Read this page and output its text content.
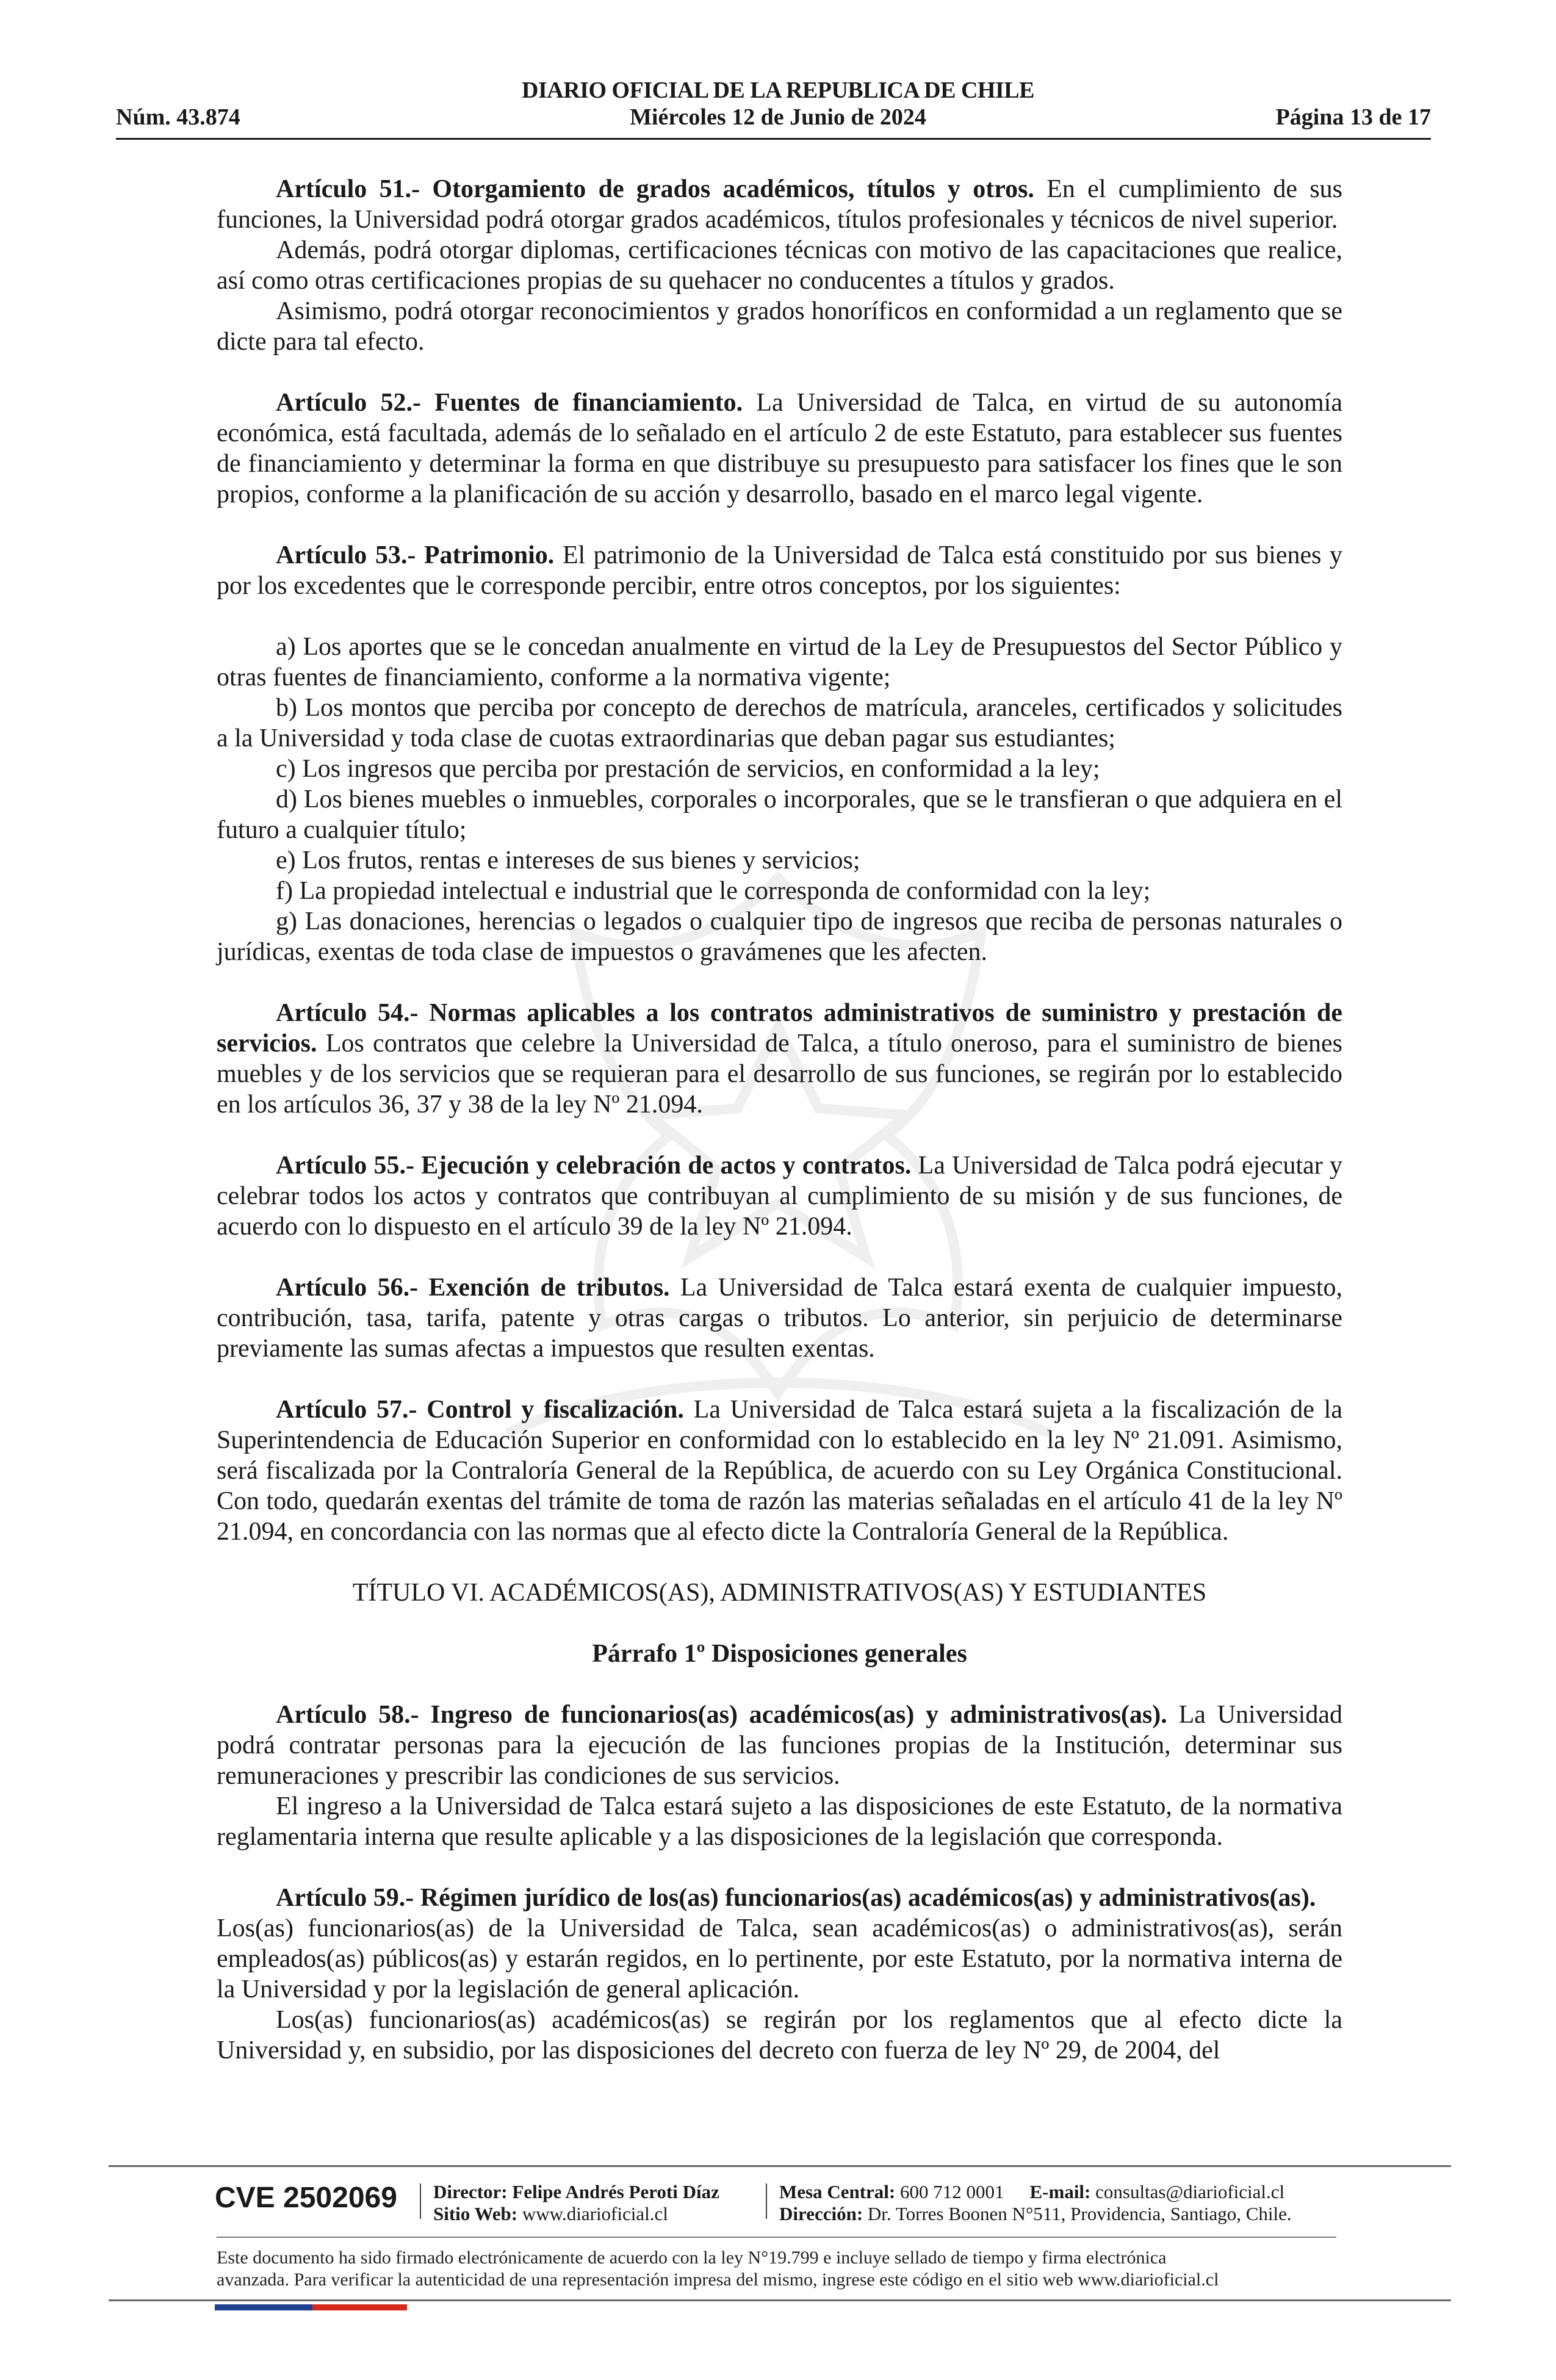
DIARIO OFICIAL DE LA REPUBLICA DE CHILE
Núm. 43.874	Miércoles 12 de Junio de 2024	Página 13 de 17

Artículo 51.- Otorgamiento de grados académicos, títulos y otros. En el cumplimiento de sus funciones, la Universidad podrá otorgar grados académicos, títulos profesionales y técnicos de nivel superior.

Además, podrá otorgar diplomas, certificaciones técnicas con motivo de las capacitaciones que realice, así como otras certificaciones propias de su quehacer no conducentes a títulos y grados.

Asimismo, podrá otorgar reconocimientos y grados honoríficos en conformidad a un reglamento que se dicte para tal efecto.

Artículo 52.- Fuentes de financiamiento. La Universidad de Talca, en virtud de su autonomía económica, está facultada, además de lo señalado en el artículo 2 de este Estatuto, para establecer sus fuentes de financiamiento y determinar la forma en que distribuye su presupuesto para satisfacer los fines que le son propios, conforme a la planificación de su acción y desarrollo, basado en el marco legal vigente.

Artículo 53.- Patrimonio. El patrimonio de la Universidad de Talca está constituido por sus bienes y por los excedentes que le corresponde percibir, entre otros conceptos, por los siguientes:

a) Los aportes que se le concedan anualmente en virtud de la Ley de Presupuestos del Sector Público y otras fuentes de financiamiento, conforme a la normativa vigente;

b) Los montos que perciba por concepto de derechos de matrícula, aranceles, certificados y solicitudes a la Universidad y toda clase de cuotas extraordinarias que deban pagar sus estudiantes;

c) Los ingresos que perciba por prestación de servicios, en conformidad a la ley;

d) Los bienes muebles o inmuebles, corporales o incorporales, que se le transfieran o que adquiera en el futuro a cualquier título;

e) Los frutos, rentas e intereses de sus bienes y servicios;

f) La propiedad intelectual e industrial que le corresponda de conformidad con la ley;

g) Las donaciones, herencias o legados o cualquier tipo de ingresos que reciba de personas naturales o jurídicas, exentas de toda clase de impuestos o gravámenes que les afecten.

Artículo 54.- Normas aplicables a los contratos administrativos de suministro y prestación de servicios. Los contratos que celebre la Universidad de Talca, a título oneroso, para el suministro de bienes muebles y de los servicios que se requieran para el desarrollo de sus funciones, se regirán por lo establecido en los artículos 36, 37 y 38 de la ley Nº 21.094.

Artículo 55.- Ejecución y celebración de actos y contratos. La Universidad de Talca podrá ejecutar y celebrar todos los actos y contratos que contribuyan al cumplimiento de su misión y de sus funciones, de acuerdo con lo dispuesto en el artículo 39 de la ley Nº 21.094.

Artículo 56.- Exención de tributos. La Universidad de Talca estará exenta de cualquier impuesto, contribución, tasa, tarifa, patente y otras cargas o tributos. Lo anterior, sin perjuicio de determinarse previamente las sumas afectas a impuestos que resulten exentas.

Artículo 57.- Control y fiscalización. La Universidad de Talca estará sujeta a la fiscalización de la Superintendencia de Educación Superior en conformidad con lo establecido en la ley Nº 21.091. Asimismo, será fiscalizada por la Contraloría General de la República, de acuerdo con su Ley Orgánica Constitucional. Con todo, quedarán exentas del trámite de toma de razón las materias señaladas en el artículo 41 de la ley Nº 21.094, en concordancia con las normas que al efecto dicte la Contraloría General de la República.

TÍTULO VI. ACADÉMICOS(AS), ADMINISTRATIVOS(AS) Y ESTUDIANTES

Párrafo 1º Disposiciones generales

Artículo 58.- Ingreso de funcionarios(as) académicos(as) y administrativos(as). La Universidad podrá contratar personas para la ejecución de las funciones propias de la Institución, determinar sus remuneraciones y prescribir las condiciones de sus servicios.

El ingreso a la Universidad de Talca estará sujeto a las disposiciones de este Estatuto, de la normativa reglamentaria interna que resulte aplicable y a las disposiciones de la legislación que corresponda.

Artículo 59.- Régimen jurídico de los(as) funcionarios(as) académicos(as) y administrativos(as).

Los(as) funcionarios(as) de la Universidad de Talca, sean académicos(as) o administrativos(as), serán empleados(as) públicos(as) y estarán regidos, en lo pertinente, por este Estatuto, por la normativa interna de la Universidad y por la legislación de general aplicación.

Los(as) funcionarios(as) académicos(as) se regirán por los reglamentos que al efecto dicte la Universidad y, en subsidio, por las disposiciones del decreto con fuerza de ley Nº 29, de 2004, del

CVE 2502069 Director: Felipe Andrés Peroti Díaz
Sitio Web: www.diarioficial.cl
Mesa Central: 600 712 0001 E-mail: consultas@diarioficial.cl
Dirección: Dr. Torres Boonen N°511, Providencia, Santiago, Chile.
Este documento ha sido firmado electrónicamente de acuerdo con la ley N°19.799 e incluye sellado de tiempo y firma electrónica
avanzada. Para verificar la autenticidad de una representación impresa del mismo, ingrese este código en el sitio web www.diarioficial.cl
